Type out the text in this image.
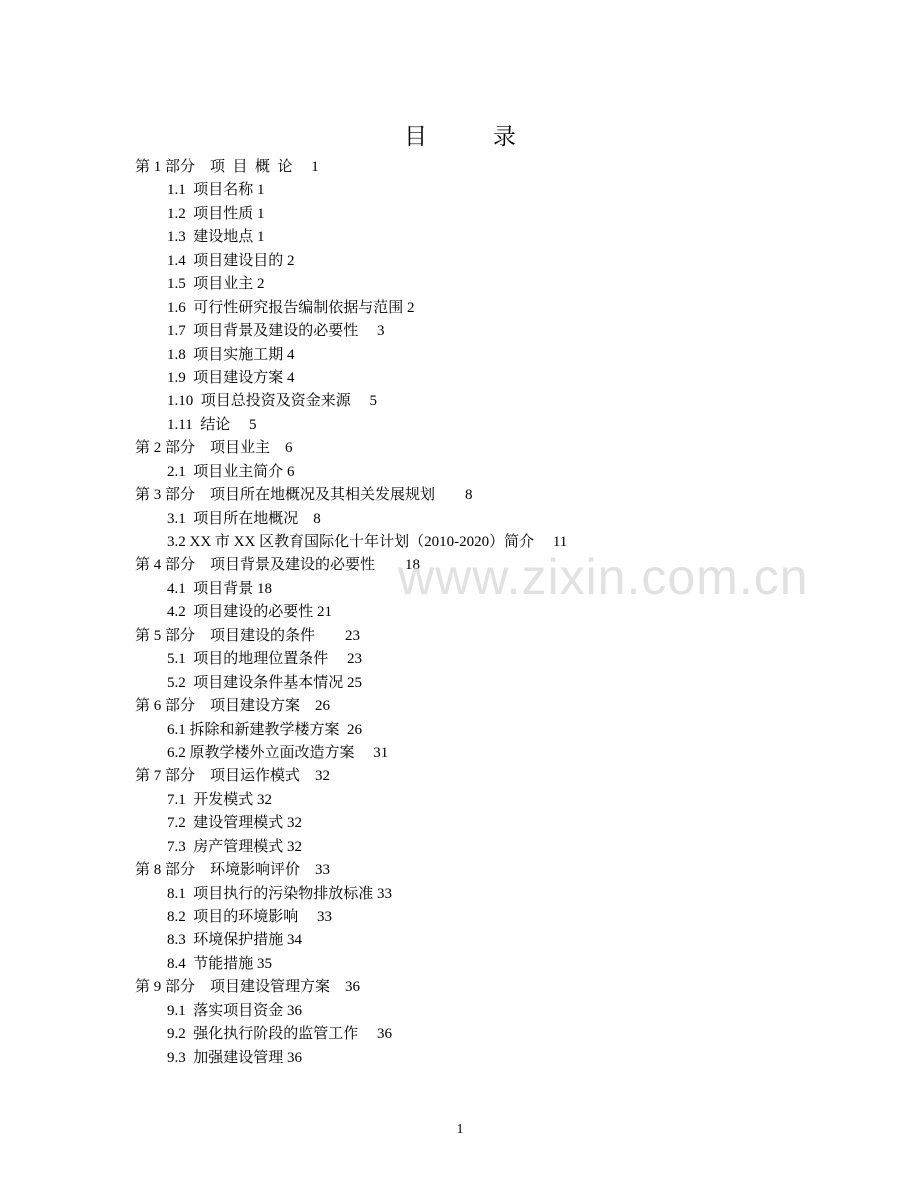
目 录
第 1 部分　项  目  概  论　 1
1.1  项目名称 1
1.2  项目性质 1
1.3  建设地点 1
1.4  项目建设目的 2
1.5  项目业主 2
1.6  可行性研究报告编制依据与范围 2
1.7  项目背景及建设的必要性　 3
1.8  项目实施工期 4
1.9  项目建设方案 4
1.10  项目总投资及资金来源　 5
1.11  结论　 5
第 2 部分　项目业主　6
2.1  项目业主简介 6
第 3 部分　项目所在地概况及其相关发展规划　　8
3.1  项目所在地概况　8
3.2 XX 市 XX 区教育国际化十年计划（2010-2020）简介　 11
第 4 部分　项目背景及建设的必要性　　18
4.1  项目背景 18
4.2  项目建设的必要性 21
第 5 部分　项目建设的条件　　23
5.1  项目的地理位置条件　 23
5.2  项目建设条件基本情况 25
第 6 部分　项目建设方案　26
6.1 拆除和新建教学楼方案  26
6.2 原教学楼外立面改造方案　 31
第 7 部分　项目运作模式　32
7.1  开发模式 32
7.2  建设管理模式 32
7.3  房产管理模式 32
第 8 部分　环境影响评价　33
8.1  项目执行的污染物排放标准 33
8.2  项目的环境影响　 33
8.3  环境保护措施 34
8.4  节能措施 35
第 9 部分　项目建设管理方案　36
9.1  落实项目资金 36
9.2  强化执行阶段的监管工作　 36
9.3  加强建设管理 36
www.zixin.com.cn
1
